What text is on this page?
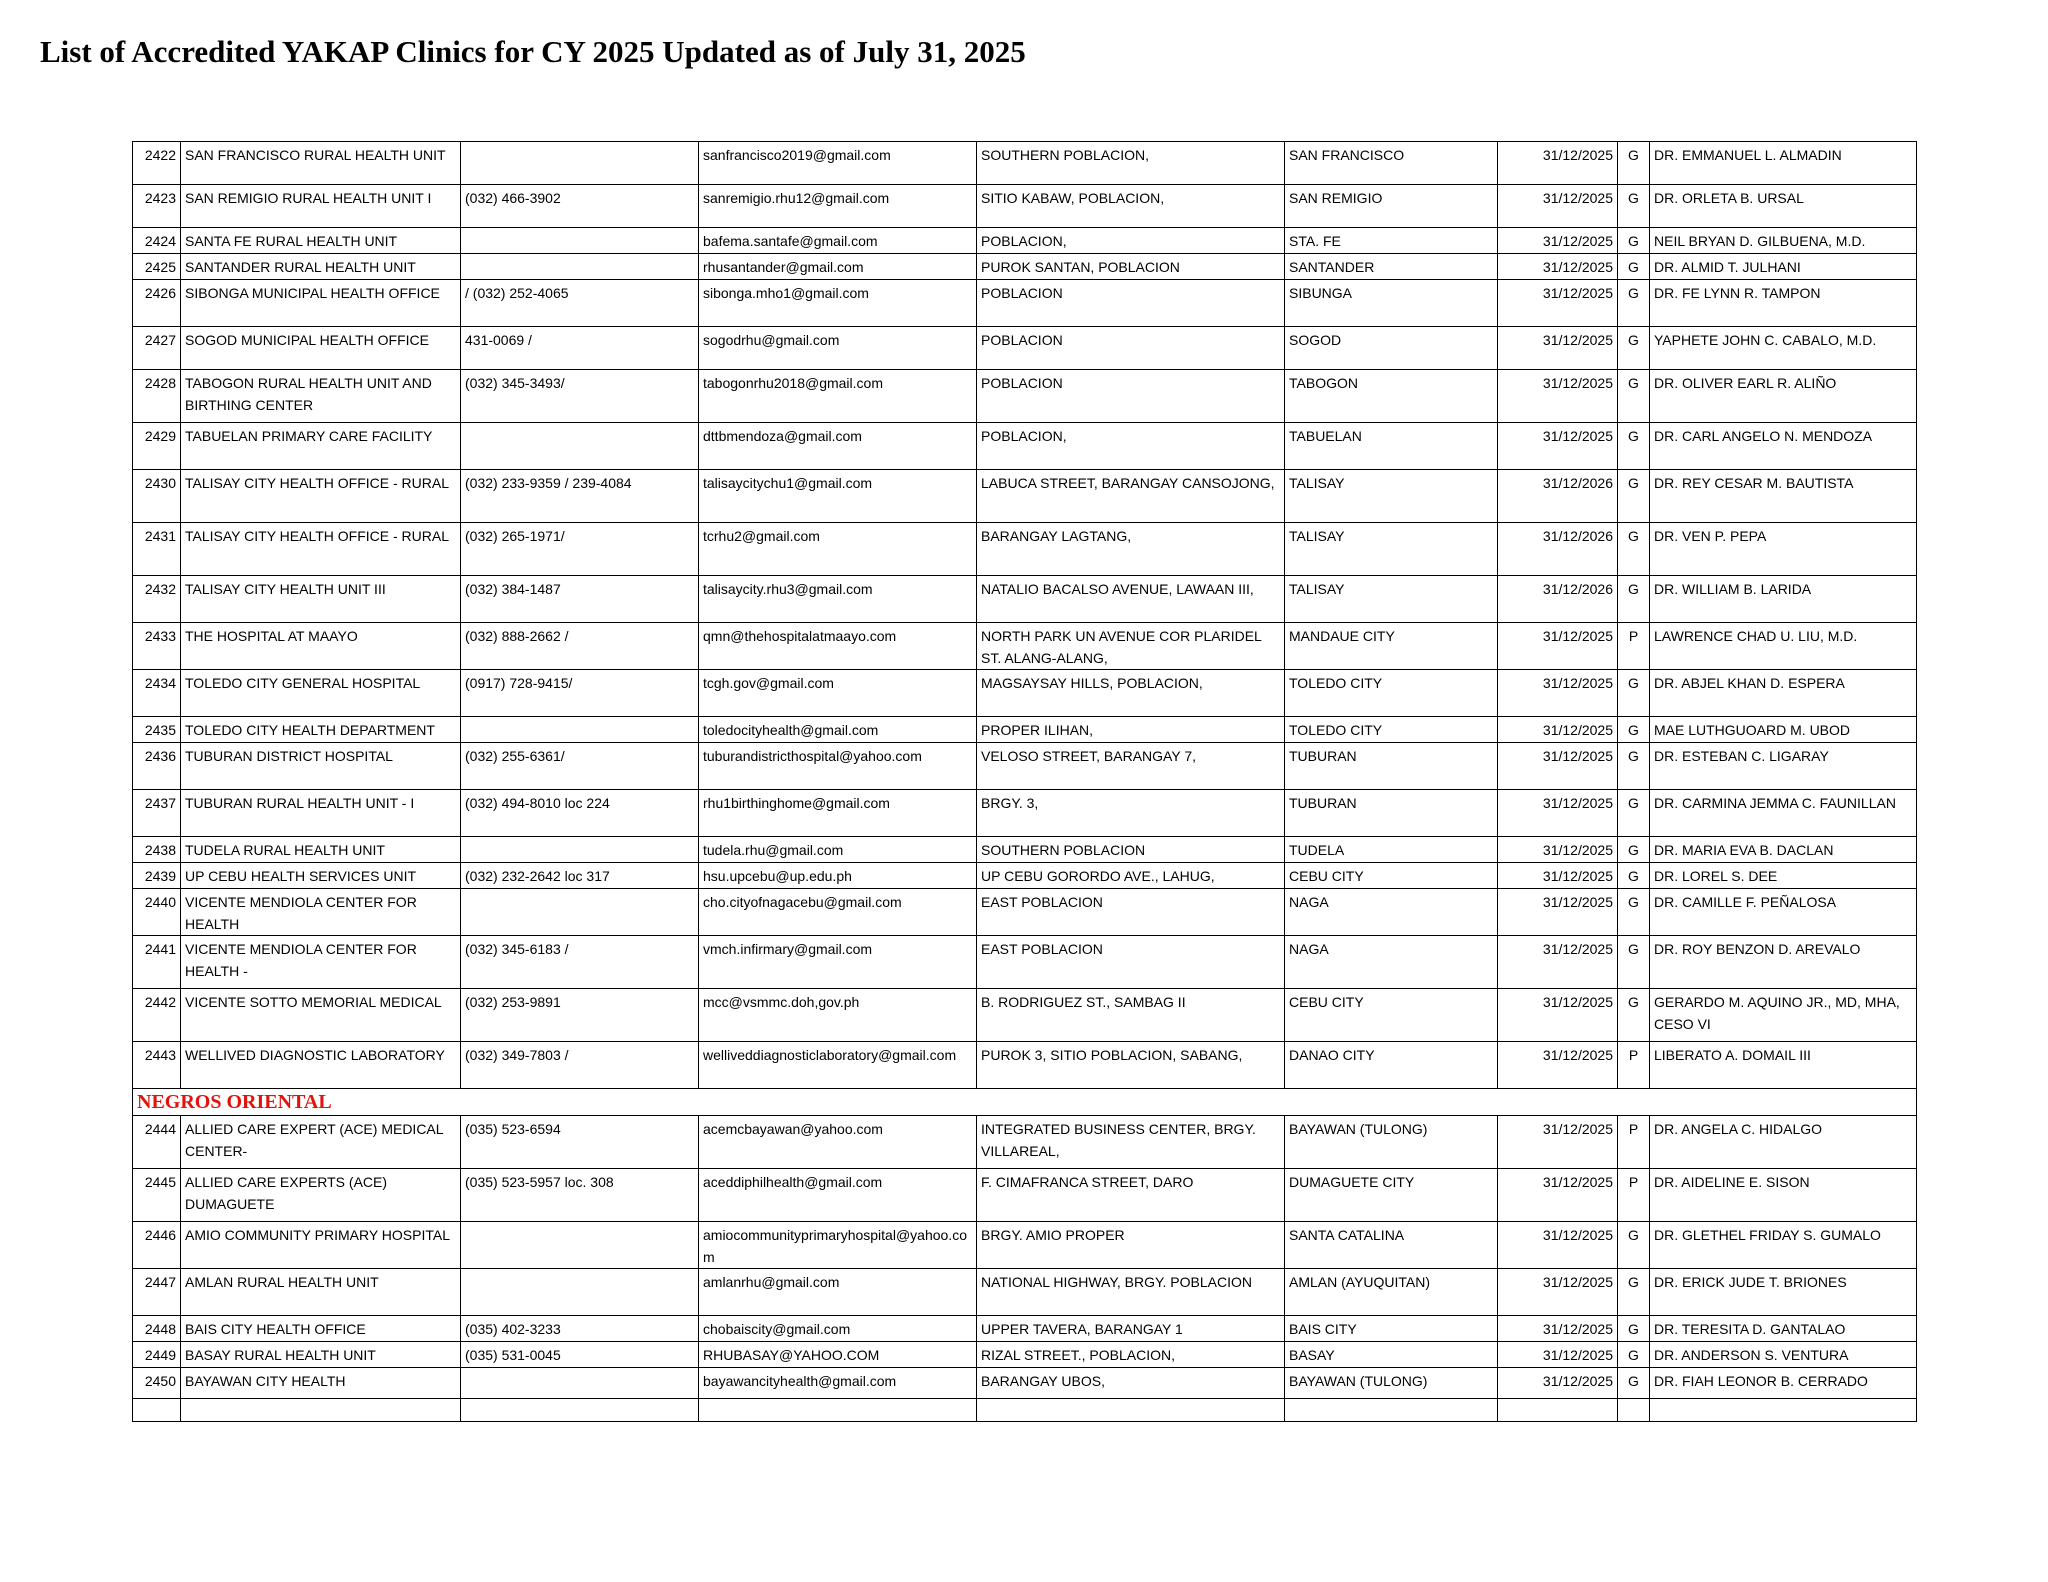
List of Accredited YAKAP Clinics for CY 2025 Updated as of July 31, 2025
2422	SAN FRANCISCO RURAL HEALTH UNIT		sanfrancisco2019@gmail.com	SOUTHERN POBLACION,	SAN FRANCISCO	31/12/2025	G	DR. EMMANUEL L. ALMADIN
2423	SAN REMIGIO RURAL HEALTH UNIT I	(032) 466-3902	sanremigio.rhu12@gmail.com	SITIO KABAW, POBLACION,	SAN REMIGIO	31/12/2025	G	DR. ORLETA B. URSAL
2424	SANTA FE RURAL HEALTH UNIT		bafema.santafe@gmail.com	POBLACION,	STA. FE	31/12/2025	G	NEIL BRYAN D. GILBUENA, M.D.
2425	SANTANDER RURAL HEALTH UNIT		rhusantander@gmail.com	PUROK SANTAN, POBLACION	SANTANDER	31/12/2025	G	DR. ALMID T. JULHANI
2426	SIBONGA MUNICIPAL HEALTH OFFICE	/ (032) 252-4065	sibonga.mho1@gmail.com	POBLACION	SIBUNGA	31/12/2025	G	DR. FE LYNN R. TAMPON
2427	SOGOD MUNICIPAL HEALTH OFFICE	431-0069 /	sogodrhu@gmail.com	POBLACION	SOGOD	31/12/2025	G	YAPHETE JOHN C. CABALO, M.D.
2428	TABOGON RURAL HEALTH UNIT AND BIRTHING CENTER	(032) 345-3493/	tabogonrhu2018@gmail.com	POBLACION	TABOGON	31/12/2025	G	DR. OLIVER EARL R. ALIÑO
2429	TABUELAN PRIMARY CARE FACILITY		dttbmendoza@gmail.com	POBLACION,	TABUELAN	31/12/2025	G	DR. CARL ANGELO N. MENDOZA
2430	TALISAY CITY HEALTH OFFICE - RURAL	(032) 233-9359 / 239-4084	talisaycitychu1@gmail.com	LABUCA STREET, BARANGAY CANSOJONG,	TALISAY	31/12/2026	G	DR. REY CESAR M. BAUTISTA
2431	TALISAY CITY HEALTH OFFICE - RURAL	(032) 265-1971/	tcrhu2@gmail.com	BARANGAY LAGTANG,	TALISAY	31/12/2026	G	DR. VEN P. PEPA
2432	TALISAY CITY HEALTH UNIT III	(032) 384-1487	talisaycity.rhu3@gmail.com	NATALIO BACALSO AVENUE, LAWAAN III,	TALISAY	31/12/2026	G	DR. WILLIAM B. LARIDA
2433	THE HOSPITAL AT MAAYO	(032) 888-2662 /	qmn@thehospitalatmaayo.com	NORTH PARK UN AVENUE COR PLARIDEL ST. ALANG-ALANG,	MANDAUE CITY	31/12/2025	P	LAWRENCE CHAD U. LIU, M.D.
2434	TOLEDO CITY GENERAL HOSPITAL	(0917) 728-9415/	tcgh.gov@gmail.com	MAGSAYSAY HILLS, POBLACION,	TOLEDO CITY	31/12/2025	G	DR. ABJEL KHAN D. ESPERA
2435	TOLEDO CITY HEALTH DEPARTMENT		toledocityhealth@gmail.com	PROPER ILIHAN,	TOLEDO CITY	31/12/2025	G	MAE LUTHGUOARD M. UBOD
2436	TUBURAN DISTRICT HOSPITAL	(032) 255-6361/	tuburandistricthospital@yahoo.com	VELOSO STREET, BARANGAY 7,	TUBURAN	31/12/2025	G	DR. ESTEBAN C. LIGARAY
2437	TUBURAN RURAL HEALTH UNIT - I	(032) 494-8010 loc 224	rhu1birthinghome@gmail.com	BRGY. 3,	TUBURAN	31/12/2025	G	DR. CARMINA JEMMA C. FAUNILLAN
2438	TUDELA RURAL HEALTH UNIT		tudela.rhu@gmail.com	SOUTHERN POBLACION	TUDELA	31/12/2025	G	DR. MARIA EVA B. DACLAN
2439	UP CEBU HEALTH SERVICES UNIT	(032) 232-2642 loc 317	hsu.upcebu@up.edu.ph	UP CEBU GORORDO AVE., LAHUG,	CEBU CITY	31/12/2025	G	DR. LOREL S. DEE
2440	VICENTE MENDIOLA CENTER FOR HEALTH		cho.cityofnagacebu@gmail.com	EAST POBLACION	NAGA	31/12/2025	G	DR. CAMILLE F. PEÑALOSA
2441	VICENTE MENDIOLA CENTER FOR HEALTH -	(032) 345-6183 /	vmch.infirmary@gmail.com	EAST POBLACION	NAGA	31/12/2025	G	DR. ROY BENZON D. AREVALO
2442	VICENTE SOTTO MEMORIAL MEDICAL	(032) 253-9891	mcc@vsmmc.doh,gov.ph	B. RODRIGUEZ ST., SAMBAG II	CEBU CITY	31/12/2025	G	GERARDO M. AQUINO JR., MD, MHA, CESO VI
2443	WELLIVED DIAGNOSTIC LABORATORY	(032) 349-7803 /	welliveddiagnosticlaboratory@gmail.com	PUROK 3, SITIO POBLACION, SABANG,	DANAO CITY	31/12/2025	P	LIBERATO A. DOMAIL III
NEGROS ORIENTAL								
2444	ALLIED CARE EXPERT (ACE) MEDICAL CENTER-	(035) 523-6594	acemcbayawan@yahoo.com	INTEGRATED BUSINESS CENTER, BRGY. VILLAREAL,	BAYAWAN (TULONG)	31/12/2025	P	DR. ANGELA C. HIDALGO
2445	ALLIED CARE EXPERTS (ACE) DUMAGUETE	(035) 523-5957 loc. 308	aceddiphilhealth@gmail.com	F. CIMAFRANCA STREET, DARO	DUMAGUETE CITY	31/12/2025	P	DR. AIDELINE E. SISON
2446	AMIO COMMUNITY PRIMARY HOSPITAL		amiocommunityprimaryhospital@yahoo.com	BRGY. AMIO PROPER	SANTA CATALINA	31/12/2025	G	DR. GLETHEL FRIDAY S. GUMALO
2447	AMLAN RURAL HEALTH UNIT		amlanrhu@gmail.com	NATIONAL HIGHWAY, BRGY. POBLACION	AMLAN (AYUQUITAN)	31/12/2025	G	DR. ERICK JUDE T. BRIONES
2448	BAIS CITY HEALTH OFFICE	(035) 402-3233	chobaiscity@gmail.com	UPPER TAVERA, BARANGAY 1	BAIS CITY	31/12/2025	G	DR. TERESITA D. GANTALAO
2449	BASAY RURAL HEALTH UNIT	(035) 531-0045	RHUBASAY@YAHOO.COM	RIZAL STREET., POBLACION,	BASAY	31/12/2025	G	DR. ANDERSON S. VENTURA
2450	BAYAWAN CITY HEALTH		bayawancityhealth@gmail.com	BARANGAY UBOS,	BAYAWAN (TULONG)	31/12/2025	G	DR. FIAH LEONOR B. CERRADO
